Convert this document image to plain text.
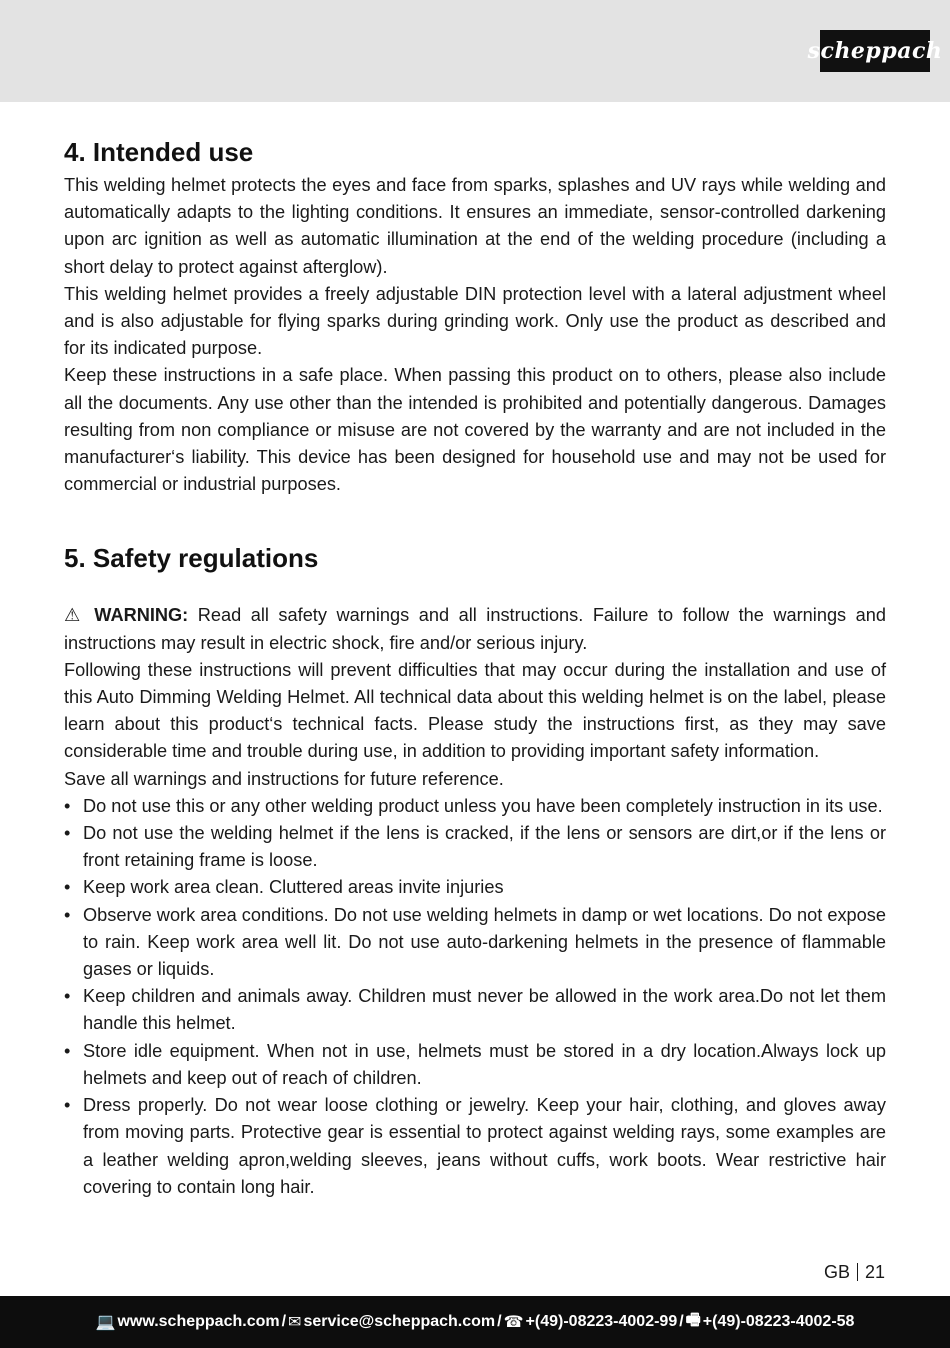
scheppach
4. Intended use

This welding helmet protects the eyes and face from sparks, splashes and UV rays while welding and automatically adapts to the lighting conditions. It ensures an immediate, sensor-controlled darkening upon arc ignition as well as automatic illumination at the end of the welding procedure (including a short delay to protect against afterglow).

This welding helmet provides a freely adjustable DIN protection level with a lateral adjustment wheel and is also adjustable for flying sparks during grinding work. Only use the product as described and for its indicated purpose.

Keep these instructions in a safe place. When passing this product on to others, please also include all the documents. Any use other than the intended is prohibited and potentially dangerous. Damages resulting from non compliance or misuse are not covered by the warranty and are not included in the manufacturer‘s liability. This device has been designed for household use and may not be used for commercial or industrial purposes.

5. Safety regulations

⚠ WARNING: Read all safety warnings and all instructions. Failure to follow the warnings and instructions may result in electric shock, fire and/or serious injury.

Following these instructions will prevent difficulties that may occur during the installation and use of this Auto Dimming Welding Helmet. All technical data about this welding helmet is on the label, please learn about this product‘s technical facts. Please study the instructions first, as they may save considerable time and trouble during use, in addition to providing important safety information.

Save all warnings and instructions for future reference.

• Do not use this or any other welding product unless you have been completely instruction in its use.
• Do not use the welding helmet if the lens is cracked, if the lens or sensors are dirt,or if the lens or front retaining frame is loose.
• Keep work area clean. Cluttered areas invite injuries
• Observe work area conditions. Do not use welding helmets in damp or wet locations. Do not expose to rain. Keep work area well lit. Do not use auto-darkening helmets in the presence of flammable gases or liquids.
• Keep children and animals away. Children must never be allowed in the work area.Do not let them handle this helmet.
• Store idle equipment. When not in use, helmets must be stored in a dry location.Always lock up helmets and keep out of reach of children.
• Dress properly. Do not wear loose clothing or jewelry. Keep your hair, clothing, and gloves away from moving parts. Protective gear is essential to protect against welding rays, some examples are a leather welding apron,welding sleeves, jeans without cuffs, work boots. Wear restrictive hair covering to contain long hair.
GB 21
💻 www.scheppach.com / ✉ service@scheppach.com / ☎ +(49)-08223-4002-99 / 🖷 +(49)-08223-4002-58
